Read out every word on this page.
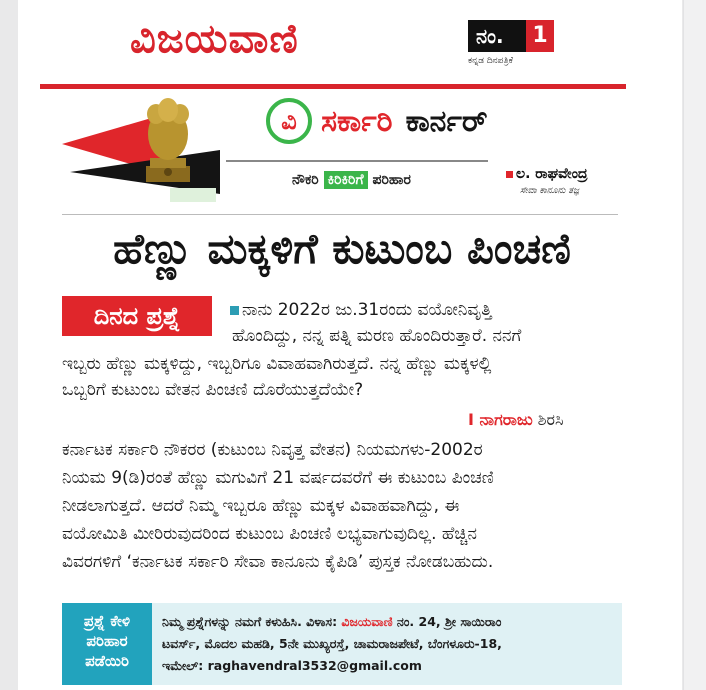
ವಿಜಯವಾಣಿ	ನಂ. 1
ಕನ್ನಡ ದಿನಪತ್ರಿಕೆ
ವಿ ಸರ್ಕಾರಿ ಕಾರ್ನರ್
ನೌಕರಿ ಕಿರಿಕಿರಿಗೆ ಪರಿಹಾರ	ಲ. ರಾಘವೇಂದ್ರ
ಸೇವಾ ಕಾನೂನು ತಜ್ಞ
ಹೆಣ್ಣು ಮಕ್ಕಳಿಗೆ ಕುಟುಂಬ ಪಿಂಚಣಿ
ದಿನದ ಪ್ರಶ್ನೆ	ನಾನು 2022ರ ಜು.31ರಂದು ವಯೋನಿವೃತ್ತಿ
ಹೊಂದಿದ್ದು, ನನ್ನ ಪತ್ನಿ ಮರಣ ಹೊಂದಿರುತ್ತಾರೆ. ನನಗೆ
ಇಬ್ಬರು ಹೆಣ್ಣು ಮಕ್ಕಳಿದ್ದು, ಇಬ್ಬರಿಗೂ ವಿವಾಹವಾಗಿರುತ್ತದೆ. ನನ್ನ ಹೆಣ್ಣು ಮಕ್ಕಳಲ್ಲಿ
ಒಬ್ಬರಿಗೆ ಕುಟುಂಬ ವೇತನ ಪಿಂಚಣಿ ದೊರೆಯುತ್ತದೆಯೇ?
I ನಾಗರಾಜು ಶಿರಸಿ
ಕರ್ನಾಟಕ ಸರ್ಕಾರಿ ನೌಕರರ (ಕುಟುಂಬ ನಿವೃತ್ತ ವೇತನ) ನಿಯಮಗಳು-2002ರ
ನಿಯಮ 9(ಡಿ)ರಂತೆ ಹೆಣ್ಣು ಮಗುವಿಗೆ 21 ವರ್ಷದವರೆಗೆ ಈ ಕುಟುಂಬ ಪಿಂಚಣಿ
ನೀಡಲಾಗುತ್ತದೆ. ಆದರೆ ನಿಮ್ಮ ಇಬ್ಬರೂ ಹೆಣ್ಣು ಮಕ್ಕಳ ವಿವಾಹವಾಗಿದ್ದು, ಈ
ವಯೋಮಿತಿ ಮೀರಿರುವುದರಿಂದ ಕುಟುಂಬ ಪಿಂಚಣಿ ಲಭ್ಯವಾಗುವುದಿಲ್ಲ. ಹೆಚ್ಚಿನ
ವಿವರಗಳಿಗೆ ‘ಕರ್ನಾಟಕ ಸರ್ಕಾರಿ ಸೇವಾ ಕಾನೂನು ಕೈಪಿಡಿ’ ಪುಸ್ತಕ ನೋಡಬಹುದು.
ಪ್ರಶ್ನೆ ಕೇಳಿ
ಪರಿಹಾರ
ಪಡೆಯಿರಿ
ನಿಮ್ಮ ಪ್ರಶ್ನೆಗಳನ್ನು ನಮಗೆ ಕಳುಹಿಸಿ. ವಿಳಾಸ: ವಿಜಯವಾಣಿ ನಂ. 24, ಶ್ರೀ ಸಾಯಿರಾಂ
ಟವರ್ಸ್‌, ಮೊದಲ ಮಹಡಿ, 5ನೇ ಮುಖ್ಯರಸ್ತೆ, ಚಾಮರಾಜಪೇಟೆ, ಬೆಂಗಳೂರು-18,
ಇಮೇಲ್: raghavendral3532@gmail.com
